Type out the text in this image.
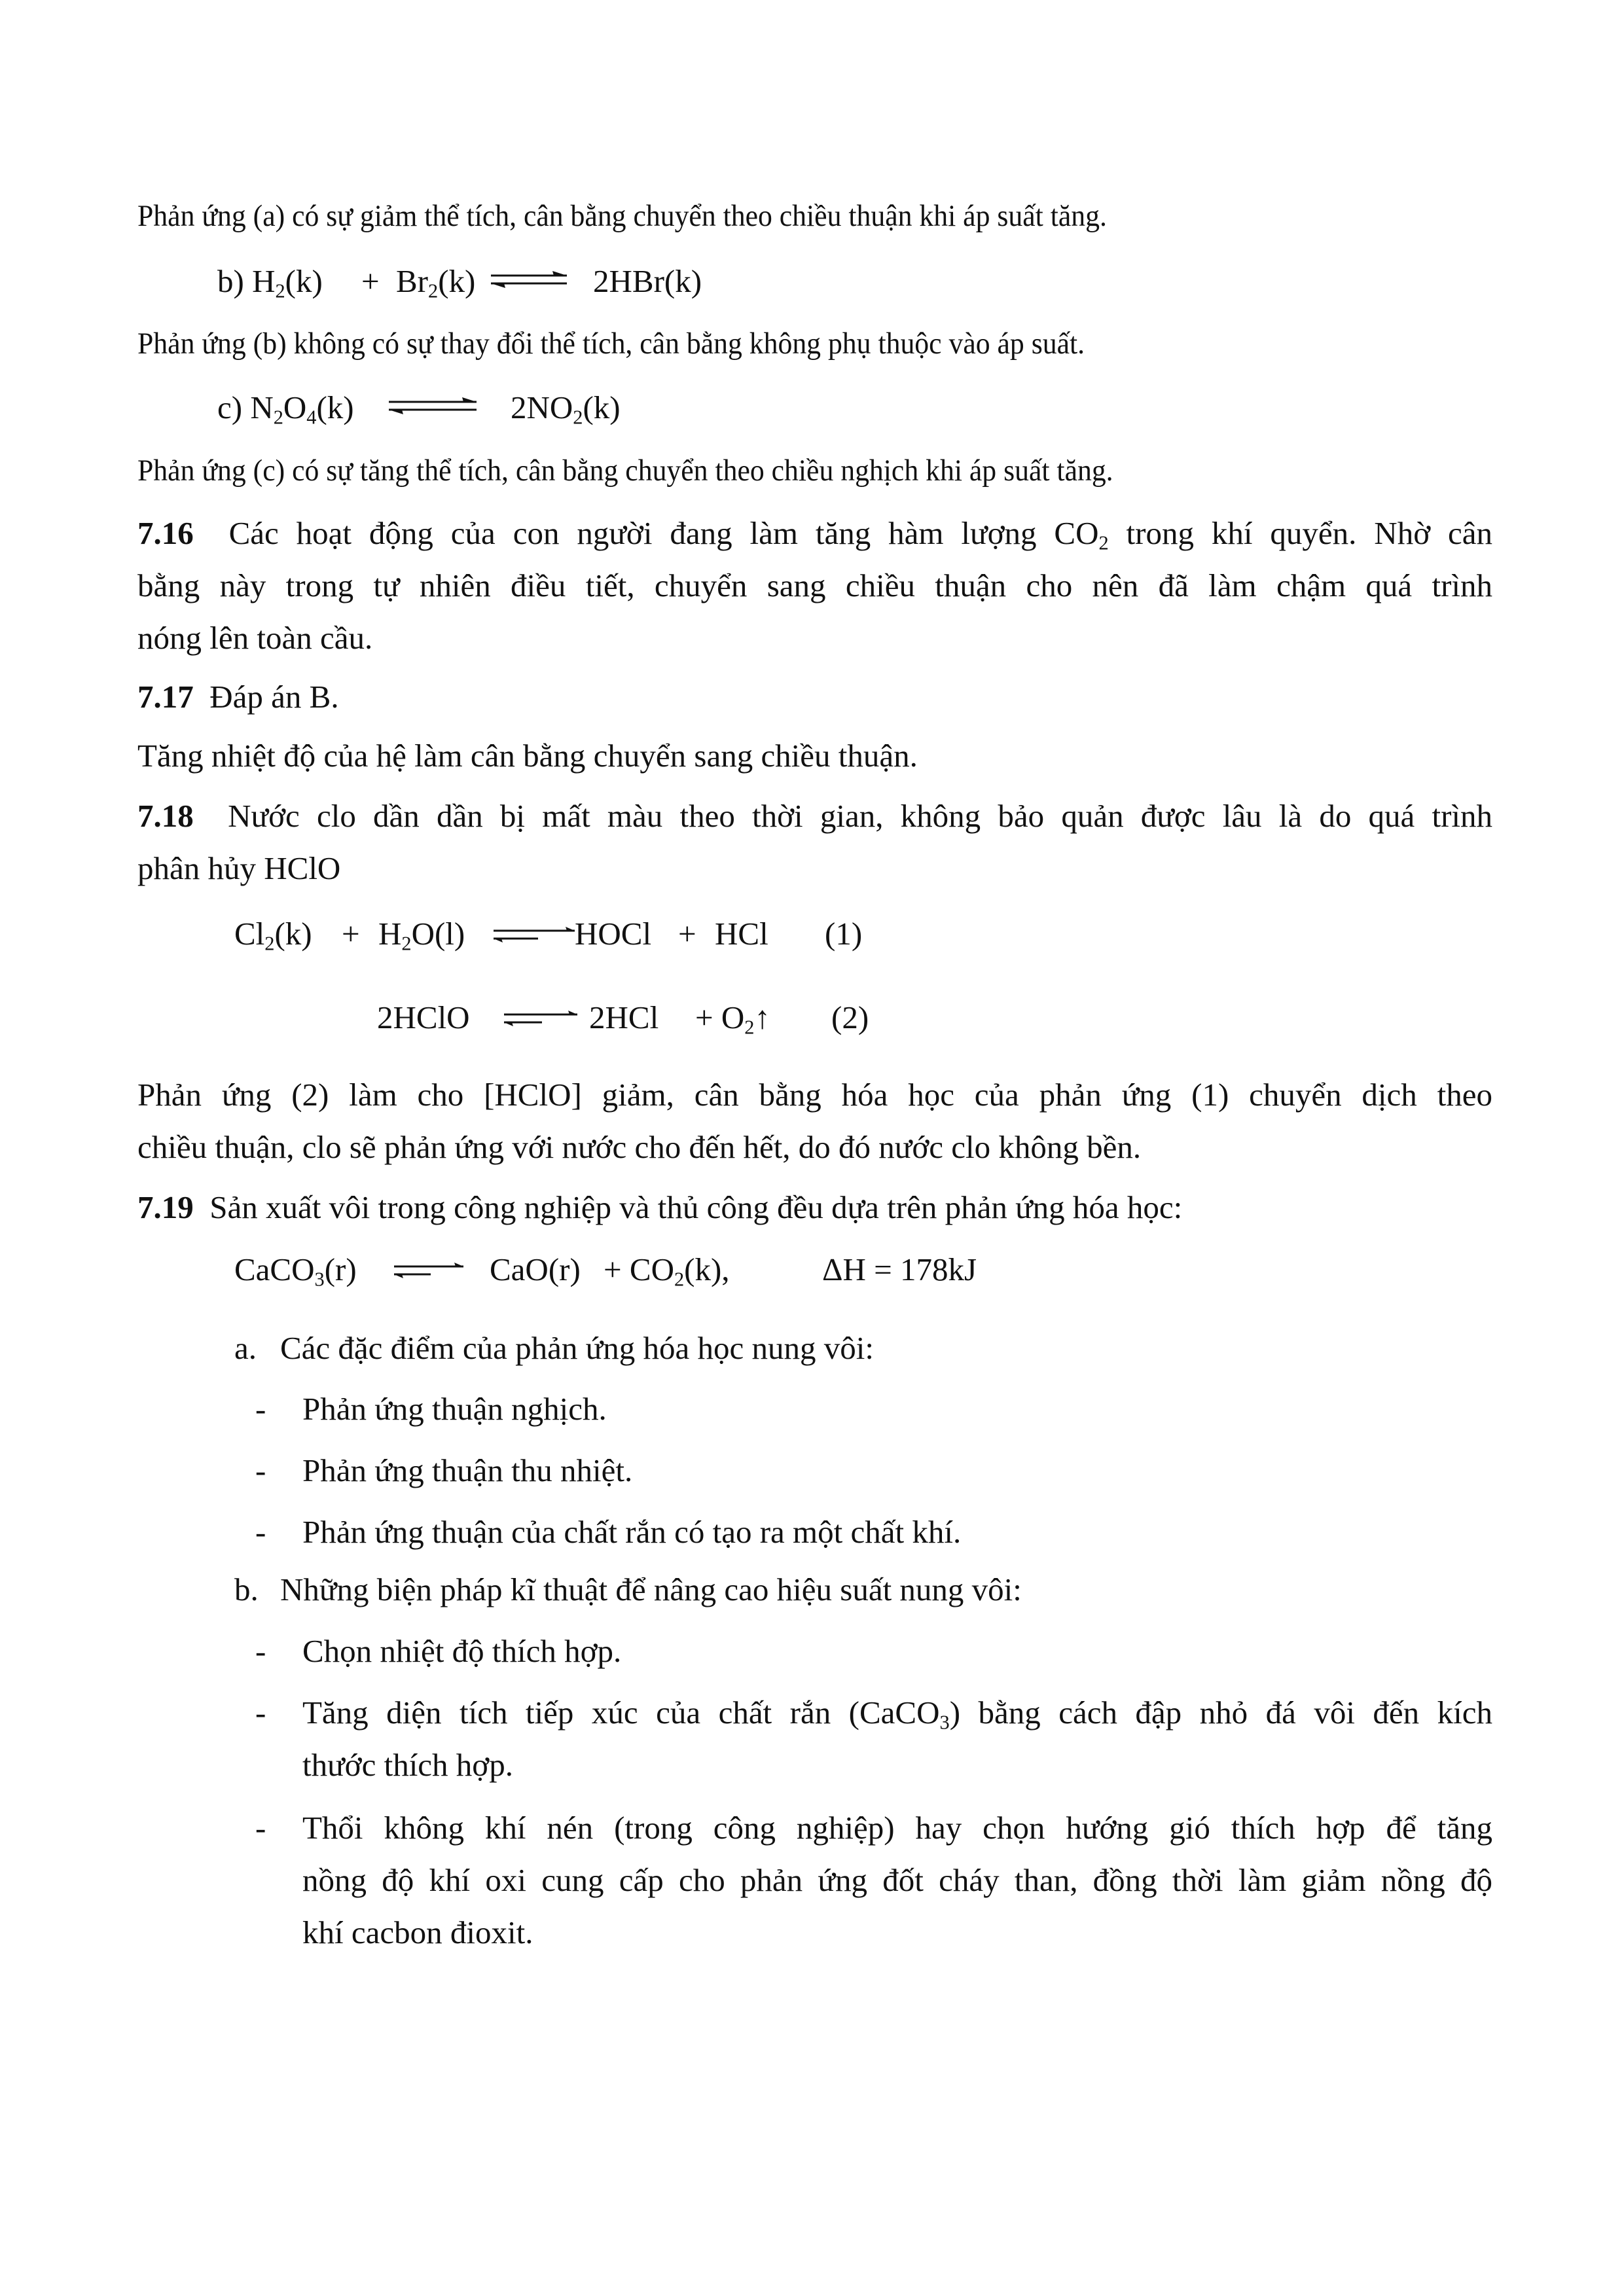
Phản ứng (a) có sự giảm thể tích, cân bằng chuyển theo chiều thuận khi áp suất tăng.
b) $H_2(k) + Br_2(k)$	2HBr(k)
Phản ứng (b) không có sự thay đổi thể tích, cân bằng không phụ thuộc vào áp suất.
c) $N_2O_4(k)$	$2NO_2(k)$
Phản ứng (c) có sự tăng thể tích, cân bằng chuyển theo chiều nghịch khi áp suất tăng.
7.16 Các hoạt động của con người đang làm tăng hàm lượng $CO_2$ trong khí quyển. Nhờ cân
bằng này trong tự nhiên điều tiết, chuyển sang chiều thuận cho nên đã làm chậm quá trình
nóng lên toàn cầu.
7.17 Đáp án B.
Tăng nhiệt độ của hệ làm cân bằng chuyển sang chiều thuận.
7.18 Nước clo dần dần bị mất màu theo thời gian, không bảo quản được lâu là do quá trình
phân hủy HClO
$Cl_2(k) + H_2O(l)$	HOCl + HCl (1)
2HClO	$2HCl + O_2↑$ (2)
Phản ứng (2) làm cho [HClO] giảm, cân bằng hóa học của phản ứng (1) chuyển dịch theo
chiều thuận, clo sẽ phản ứng với nước cho đến hết, do đó nước clo không bền.
7.19 Sản xuất vôi trong công nghiệp và thủ công đều dựa trên phản ứng hóa học:
CaCO$_3$(r)	$CaO(r) + CO_2(k)$,	ΔH = 178kJ
a. Các đặc điểm của phản ứng hóa học nung vôi:
- Phản ứng thuận nghịch.
- Phản ứng thuận thu nhiệt.
- Phản ứng thuận của chất rắn có tạo ra một chất khí.
b. Những biện pháp kĩ thuật để nâng cao hiệu suất nung vôi:
- Chọn nhiệt độ thích hợp.
- Tăng diện tích tiếp xúc của chất rắn (CaCO$_3$) bằng cách đập nhỏ đá vôi đến kích
thước thích hợp.
- Thổi không khí nén (trong công nghiệp) hay chọn hướng gió thích hợp để tăng
nồng độ khí oxi cung cấp cho phản ứng đốt cháy than, đồng thời làm giảm nồng độ
khí cacbon đioxit.
